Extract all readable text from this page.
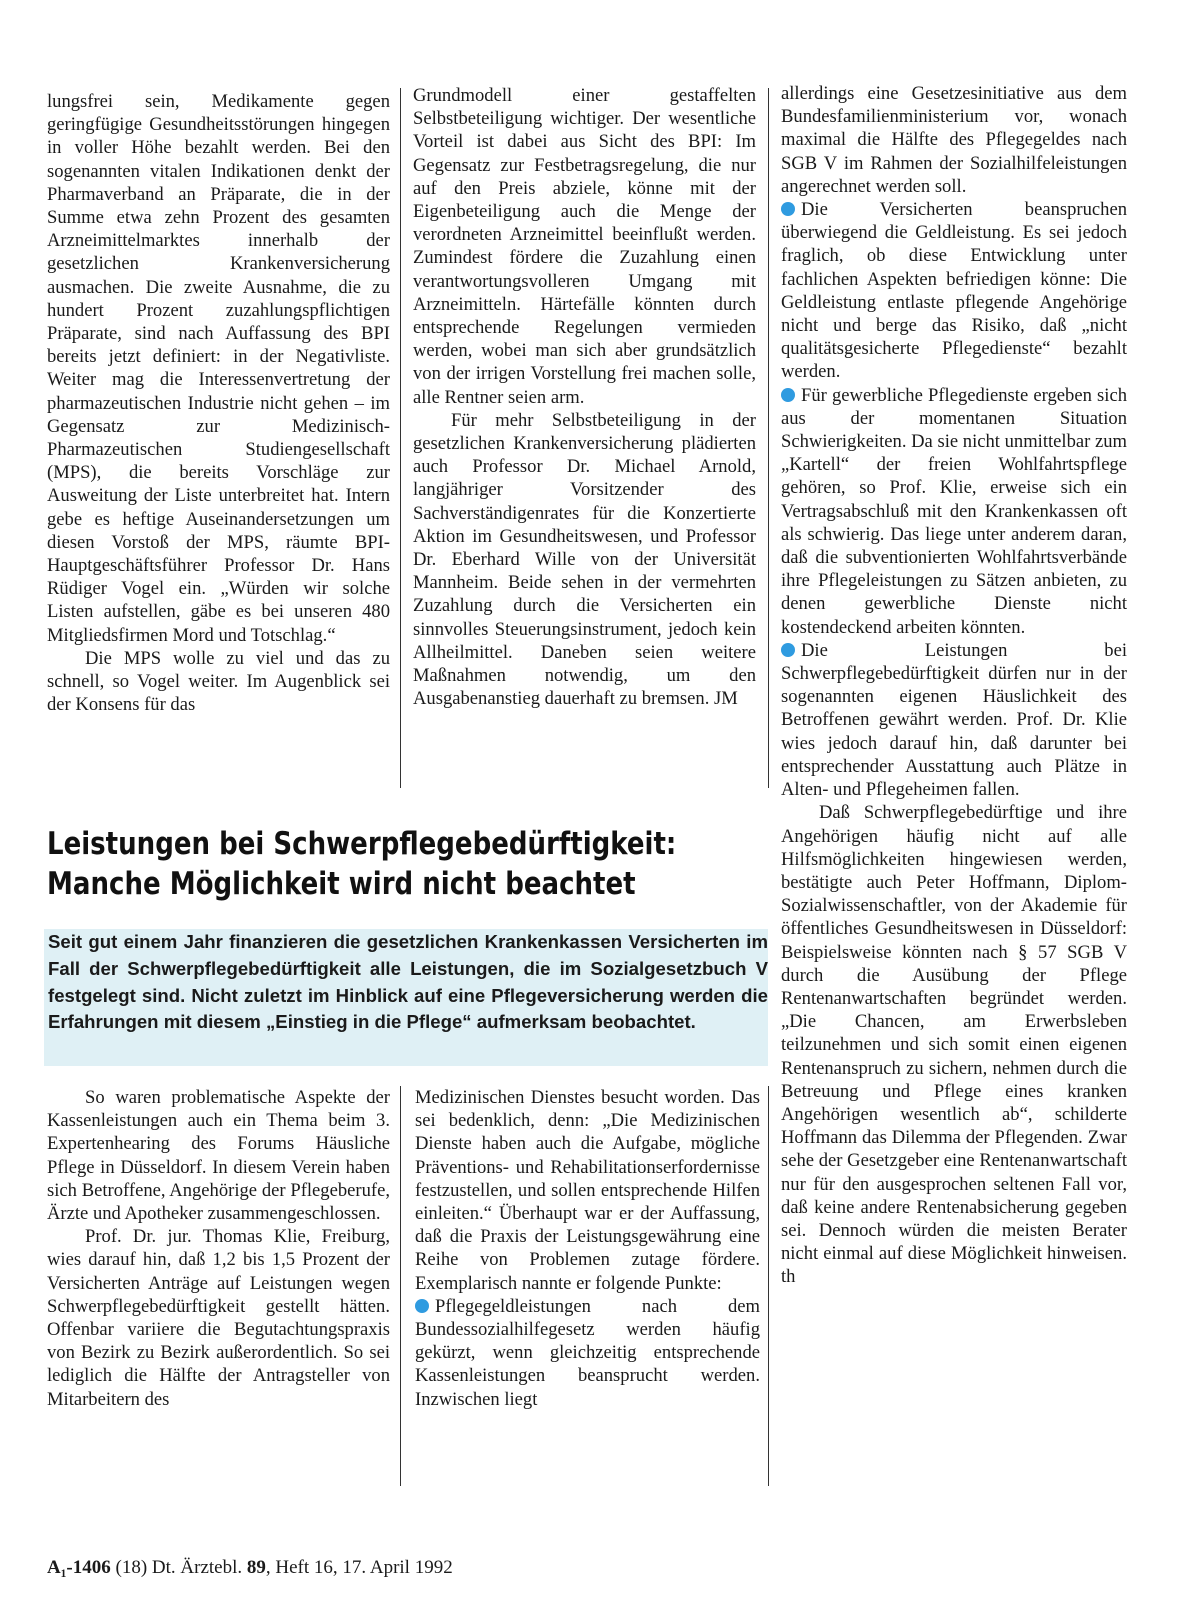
lungsfrei sein, Medikamente gegen geringfügige Gesundheitsstörungen hingegen in voller Höhe bezahlt werden. Bei den sogenannten vitalen Indikationen denkt der Pharmaverband an Präparate, die in der Summe etwa zehn Prozent des gesamten Arzneimittelmarktes innerhalb der gesetzlichen Krankenversicherung ausmachen. Die zweite Ausnahme, die zu hundert Prozent zuzahlungspflichtigen Präparate, sind nach Auffassung des BPI bereits jetzt definiert: in der Negativliste. Weiter mag die Interessenvertretung der pharmazeutischen Industrie nicht gehen – im Gegensatz zur Medizinisch-Pharmazeutischen Studiengesellschaft (MPS), die bereits Vorschläge zur Ausweitung der Liste unterbreitet hat. Intern gebe es heftige Auseinandersetzungen um diesen Vorstoß der MPS, räumte BPI-Hauptgeschäftsführer Professor Dr. Hans Rüdiger Vogel ein. „Würden wir solche Listen aufstellen, gäbe es bei unseren 480 Mitgliedsfirmen Mord und Totschlag.“

Die MPS wolle zu viel und das zu schnell, so Vogel weiter. Im Augenblick sei der Konsens für das

Grundmodell einer gestaffelten Selbstbeteiligung wichtiger. Der wesentliche Vorteil ist dabei aus Sicht des BPI: Im Gegensatz zur Festbetragsregelung, die nur auf den Preis abziele, könne mit der Eigenbeteiligung auch die Menge der verordneten Arzneimittel beeinflußt werden. Zumindest fördere die Zuzahlung einen verantwortungsvolleren Umgang mit Arzneimitteln. Härtefälle könnten durch entsprechende Regelungen vermieden werden, wobei man sich aber grundsätzlich von der irrigen Vorstellung frei machen solle, alle Rentner seien arm.

Für mehr Selbstbeteiligung in der gesetzlichen Krankenversicherung plädierten auch Professor Dr. Michael Arnold, langjähriger Vorsitzender des Sachverständigenrates für die Konzertierte Aktion im Gesundheitswesen, und Professor Dr. Eberhard Wille von der Universität Mannheim. Beide sehen in der vermehrten Zuzahlung durch die Versicherten ein sinnvolles Steuerungsinstrument, jedoch kein Allheilmittel. Daneben seien weitere Maßnahmen notwendig, um den Ausgabenanstieg dauerhaft zu bremsen. JM

allerdings eine Gesetzesinitiative aus dem Bundesfamilienministerium vor, wonach maximal die Hälfte des Pflegegeldes nach SGB V im Rahmen der Sozialhilfeleistungen angerechnet werden soll.

Die Versicherten beanspruchen überwiegend die Geldleistung. Es sei jedoch fraglich, ob diese Entwicklung unter fachlichen Aspekten befriedigen könne: Die Geldleistung entlaste pflegende Angehörige nicht und berge das Risiko, daß „nicht qualitätsgesicherte Pflegedienste“ bezahlt werden.

Für gewerbliche Pflegedienste ergeben sich aus der momentanen Situation Schwierigkeiten. Da sie nicht unmittelbar zum „Kartell“ der freien Wohlfahrtspflege gehören, so Prof. Klie, erweise sich ein Vertragsabschluß mit den Krankenkassen oft als schwierig. Das liege unter anderem daran, daß die subventionierten Wohlfahrtsverbände ihre Pflegeleistungen zu Sätzen anbieten, zu denen gewerbliche Dienste nicht kostendeckend arbeiten könnten.

Die Leistungen bei Schwerpflegebedürftigkeit dürfen nur in der sogenannten eigenen Häuslichkeit des Betroffenen gewährt werden. Prof. Dr. Klie wies jedoch darauf hin, daß darunter bei entsprechender Ausstattung auch Plätze in Alten- und Pflegeheimen fallen.

Daß Schwerpflegebedürftige und ihre Angehörigen häufig nicht auf alle Hilfsmöglichkeiten hingewiesen werden, bestätigte auch Peter Hoffmann, Diplom-Sozialwissenschaftler, von der Akademie für öffentliches Gesundheitswesen in Düsseldorf: Beispielsweise könnten nach § 57 SGB V durch die Ausübung der Pflege Rentenanwartschaften begründet werden. „Die Chancen, am Erwerbsleben teilzunehmen und sich somit einen eigenen Rentenanspruch zu sichern, nehmen durch die Betreuung und Pflege eines kranken Angehörigen wesentlich ab“, schilderte Hoffmann das Dilemma der Pflegenden. Zwar sehe der Gesetzgeber eine Rentenanwartschaft nur für den ausgesprochen seltenen Fall vor, daß keine andere Rentenabsicherung gegeben sei. Dennoch würden die meisten Berater nicht einmal auf diese Möglichkeit hinweisen. th

Leistungen bei Schwerpflegebedürftigkeit:
Manche Möglichkeit wird nicht beachtet
Seit gut einem Jahr finanzieren die gesetzlichen Krankenkassen Versicherten im Fall der Schwerpflegebedürftigkeit alle Leistungen, die im Sozialgesetzbuch V festgelegt sind. Nicht zuletzt im Hinblick auf eine Pflegeversicherung werden die Erfahrungen mit diesem „Einstieg in die Pflege“ aufmerksam beobachtet.

So waren problematische Aspekte der Kassenleistungen auch ein Thema beim 3. Expertenhearing des Forums Häusliche Pflege in Düsseldorf. In diesem Verein haben sich Betroffene, Angehörige der Pflegeberufe, Ärzte und Apotheker zusammengeschlossen.

Prof. Dr. jur. Thomas Klie, Freiburg, wies darauf hin, daß 1,2 bis 1,5 Prozent der Versicherten Anträge auf Leistungen wegen Schwerpflegebedürftigkeit gestellt hätten. Offenbar variiere die Begutachtungspraxis von Bezirk zu Bezirk außerordentlich. So sei lediglich die Hälfte der Antragsteller von Mitarbeitern des

Medizinischen Dienstes besucht worden. Das sei bedenklich, denn: „Die Medizinischen Dienste haben auch die Aufgabe, mögliche Präventions- und Rehabilitationserfordernisse festzustellen, und sollen entsprechende Hilfen einleiten.“ Überhaupt war er der Auffassung, daß die Praxis der Leistungsgewährung eine Reihe von Problemen zutage fördere. Exemplarisch nannte er folgende Punkte:

Pflegegeldleistungen nach dem Bundessozialhilfegesetz werden häufig gekürzt, wenn gleichzeitig entsprechende Kassenleistungen beansprucht werden. Inzwischen liegt

A₁-1406 (18) Dt. Ärztebl. 89, Heft 16, 17. April 1992
